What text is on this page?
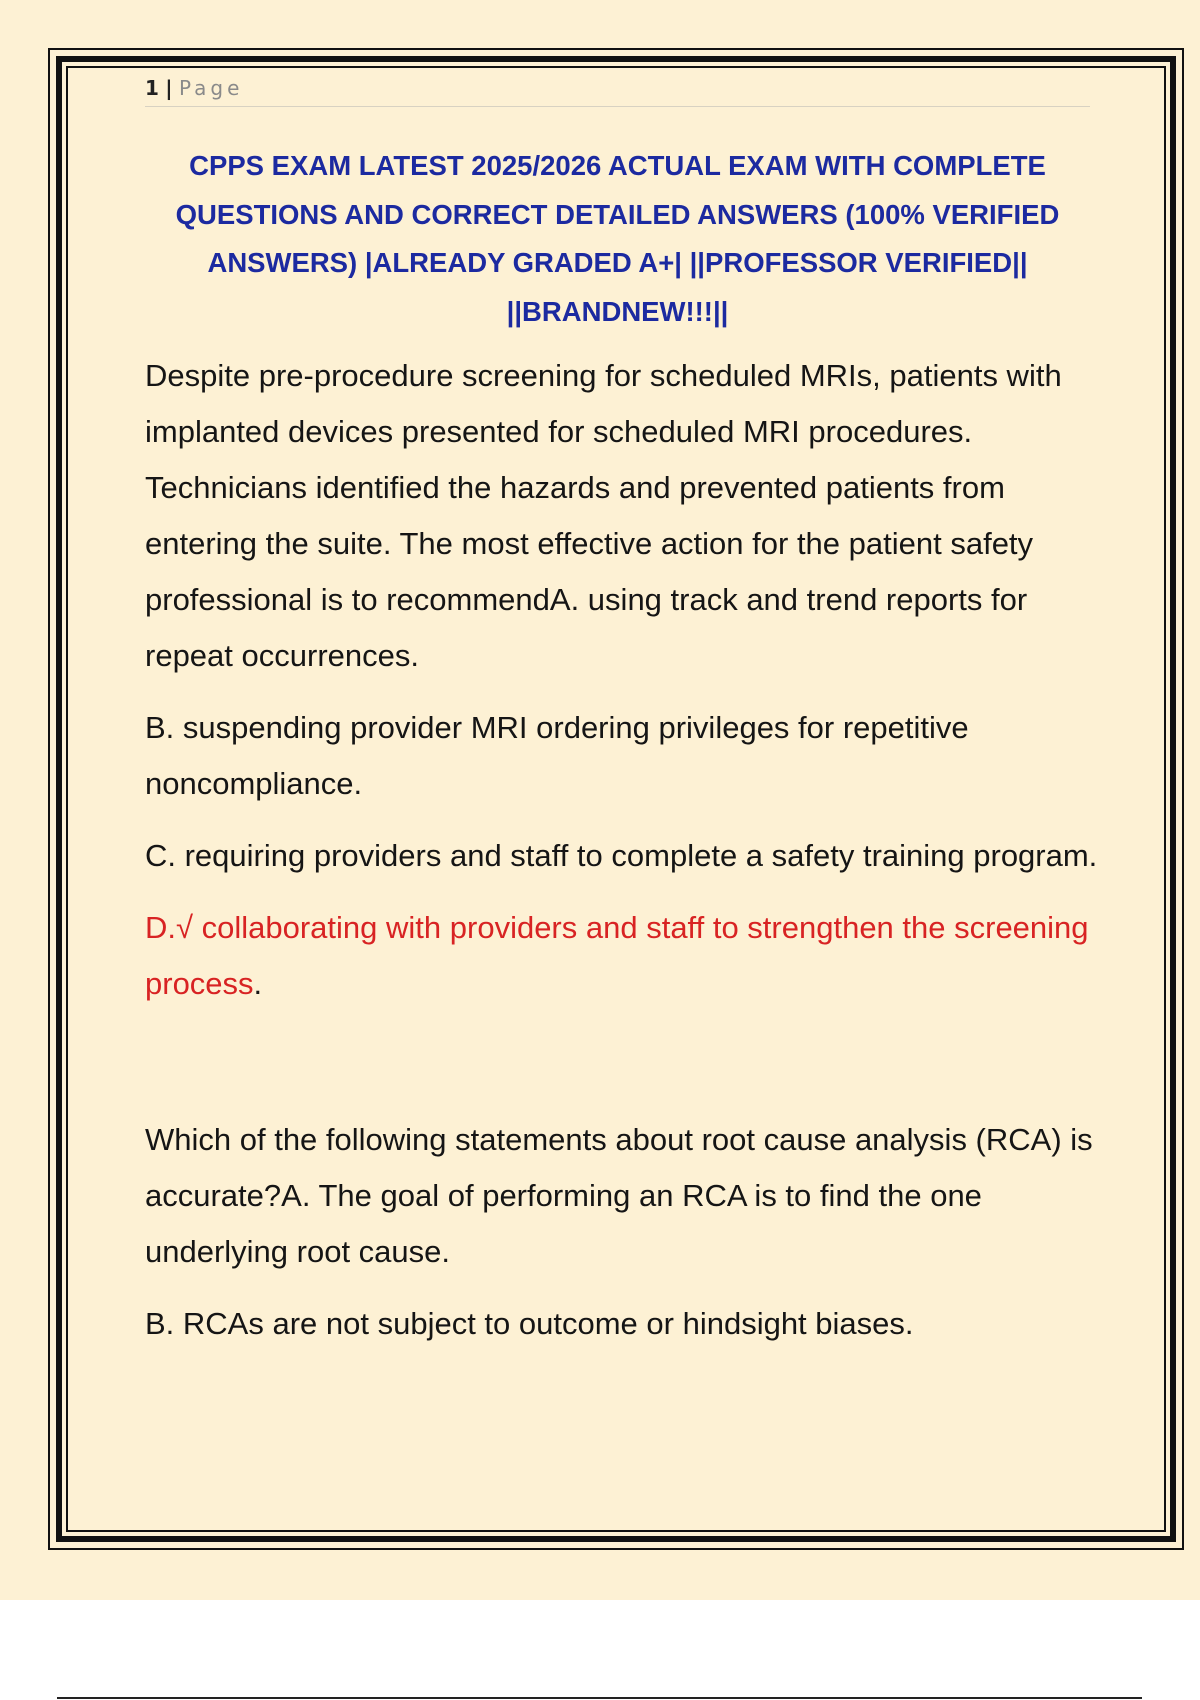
1 | Page
CPPS EXAM LATEST 2025/2026 ACTUAL EXAM WITH COMPLETE QUESTIONS AND CORRECT DETAILED ANSWERS (100% VERIFIED ANSWERS) |ALREADY GRADED A+| ||PROFESSOR VERIFIED|| ||BRANDNEW!!!||

Despite pre-procedure screening for scheduled MRIs, patients with implanted devices presented for scheduled MRI procedures. Technicians identified the hazards and prevented patients from entering the suite. The most effective action for the patient safety professional is to recommendA. using track and trend reports for repeat occurrences.

B. suspending provider MRI ordering privileges for repetitive noncompliance.

C. requiring providers and staff to complete a safety training program.

D.√ collaborating with providers and staff to strengthen the screening process.

Which of the following statements about root cause analysis (RCA) is accurate?A. The goal of performing an RCA is to find the one underlying root cause.

B. RCAs are not subject to outcome or hindsight biases.
